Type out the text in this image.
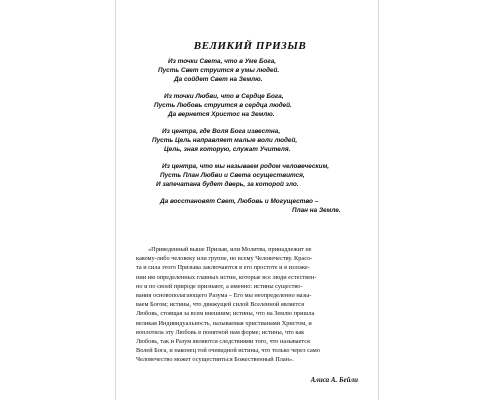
ВЕЛИКИЙ ПРИЗЫВ
Из точки Света, что в Уме Бога,
Пусть Свет струится в умы людей.
Да сойдет Свет на Землю.
Из точки Любви, что в Сердце Бога,
Пусть Любовь струится в сердца людей.
Да вернется Христос на Землю.
Из центра, где Воля Бога известна,
Пусть Цель направляет малые воли людей,
Цель, зная которую, служат Учителя.
Из центра, что мы называем родом человеческим,
Пусть План Любви и Света осуществится,
И запечатана будет дверь, за которой зло.
Да восстановят Свет, Любовь и Могущество –
План на Земле.
«Приведенный выше Призыв, или Молитва, принадлежит не
какому-либо человеку или группе, но всему Человечеству. Красо-
та и сила этого Призыва заключаются в его простоте и в изложе-
нии им определенных главных истин, которые все люди естествен-
но и по своей природе признают, а именно: истины существо-
вания основополагающего Разума – Его мы неопределенно назы-
ваем Богом; истины, что движущей силой Вселенной является
Любовь, стоящая за всем внешним; истины, что на Землю пришла
великая Индивидуальность, называемая христианами Христом, и
воплотила эту Любовь в понятной нам форме; истины, что как
Любовь, так и Разум являются следствиями того, что называется
Волей Бога, и наконец той очевидной истины, что только через само
Человечество может осуществиться Божественный План».
Алиса А. Бейли
